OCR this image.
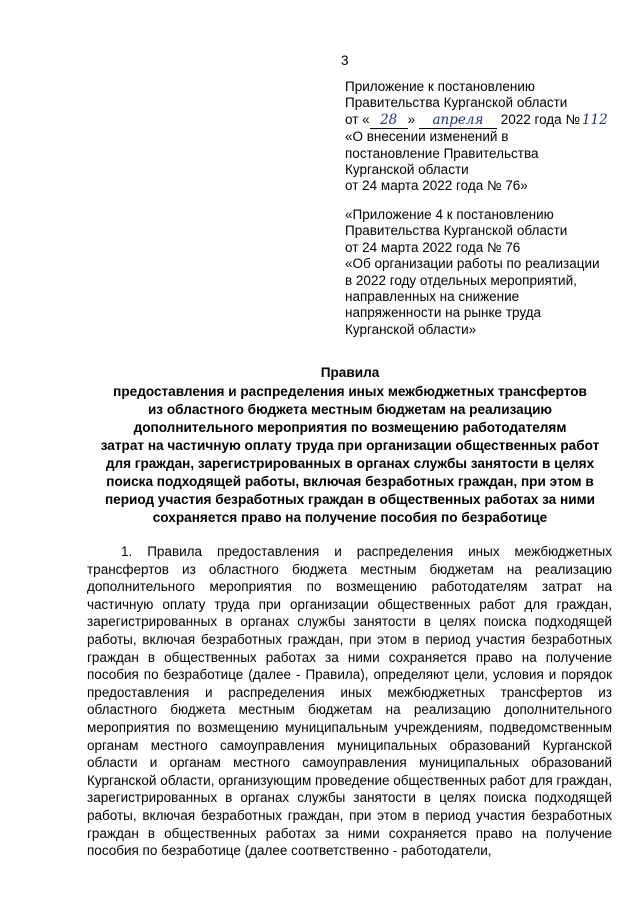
3
Приложение к постановлению
Правительства Курганской области
от « 28 » апреля 2022 года № 112
«О внесении изменений в
постановление Правительства
Курганской области
от 24 марта 2022 года № 76»
«Приложение 4 к постановлению
Правительства Курганской области
от 24 марта 2022 года № 76
«Об организации работы по реализации
в 2022 году отдельных мероприятий,
направленных на снижение
напряженности на рынке труда
Курганской области»
Правила
предоставления и распределения иных межбюджетных трансфертов
из областного бюджета местным бюджетам на реализацию
дополнительного мероприятия по возмещению работодателям
затрат на частичную оплату труда при организации общественных работ
для граждан, зарегистрированных в органах службы занятости в целях
поиска подходящей работы, включая безработных граждан, при этом в
период участия безработных граждан в общественных работах за ними
сохраняется право на получение пособия по безработице
1. Правила предоставления и распределения иных межбюджетных трансфертов из областного бюджета местным бюджетам на реализацию дополнительного мероприятия по возмещению работодателям затрат на частичную оплату труда при организации общественных работ для граждан, зарегистрированных в органах службы занятости в целях поиска подходящей работы, включая безработных граждан, при этом в период участия безработных граждан в общественных работах за ними сохраняется право на получение пособия по безработице (далее - Правила), определяют цели, условия и порядок предоставления и распределения иных межбюджетных трансфертов из областного бюджета местным бюджетам на реализацию дополнительного мероприятия по возмещению муниципальным учреждениям, подведомственным органам местного самоуправления муниципальных образований Курганской области и органам местного самоуправления муниципальных образований Курганской области, организующим проведение общественных работ для граждан, зарегистрированных в органах службы занятости в целях поиска подходящей работы, включая безработных граждан, при этом в период участия безработных граждан в общественных работах за ними сохраняется право на получение пособия по безработице (далее соответственно - работодатели,
